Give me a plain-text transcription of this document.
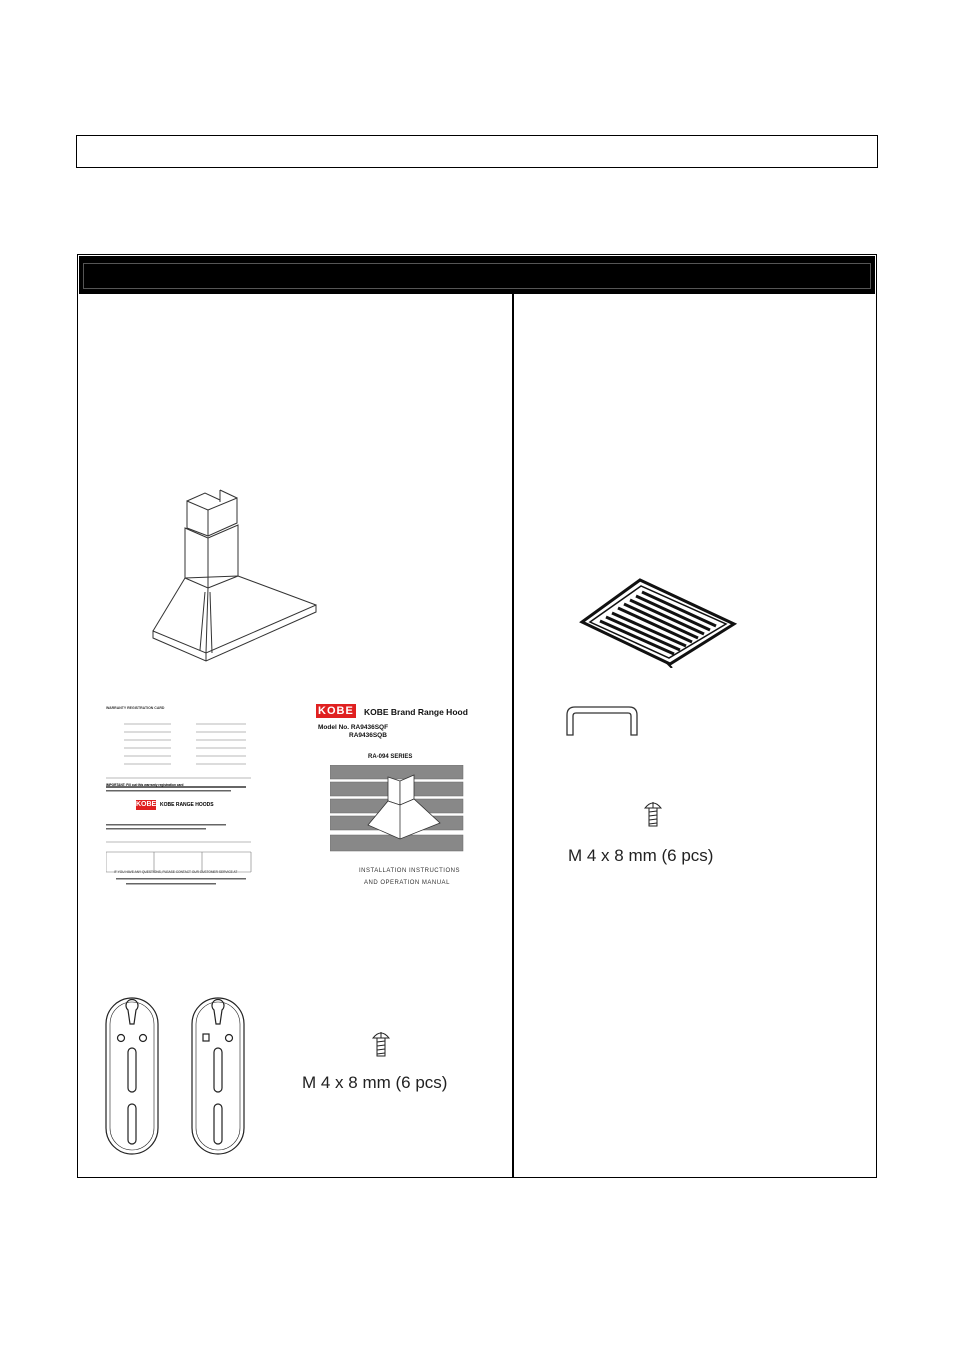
WARRANTY REGISTRATION CARD
IMPORTANT: Fill out this warranty registration card
KOBE KOBE RANGE HOODS
IF YOU HAVE ANY QUESTIONS, PLEASE CONTACT OUR CUSTOMER SERVICE AT
KOBE KOBE Brand Range Hood
Model No. RA9436SQF
RA9436SQB
RA-094 SERIES
INSTALLATION INSTRUCTIONS
AND OPERATION MANUAL
M 4 x 8 mm (6 pcs)
M 4 x 8 mm (6 pcs)
